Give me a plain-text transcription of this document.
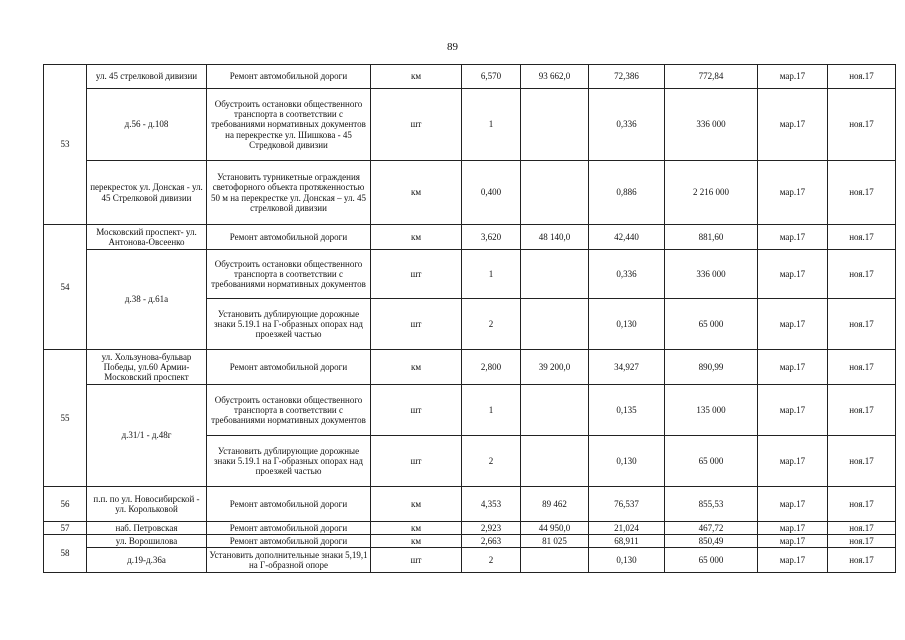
89
53	ул. 45 стрелковой дивизии	Ремонт автомобильной дороги	км	6,570	93 662,0	72,386	772,84	мар.17	ноя.17
	д.56 - д.108	Обустроить остановки общественного транспорта в соответствии с требованиями нормативных документов на перекрестке ул. Шишкова - 45 Стредковой дивизии	шт	1		0,336	336 000	мар.17	ноя.17
	перекресток ул. Донская - ул. 45 Стрелковой дивизии	Установить турникетные ограждения светофорного объекта протяженностью 50 м на перекрестке ул. Донская – ул. 45 стрелковой дивизии	км	0,400		0,886	2 216 000	мар.17	ноя.17
54	Московский проспект- ул. Антонова-Овсеенко	Ремонт автомобильной дороги	км	3,620	48 140,0	42,440	881,60	мар.17	ноя.17
	д.38 - д.61а	Обустроить остановки общественного транспорта в соответствии с требованиями нормативных документов	шт	1		0,336	336 000	мар.17	ноя.17
		Установить дублирующие дорожные знаки 5.19.1 на Г-образных опорах над проезжей частью	шт	2		0,130	65 000	мар.17	ноя.17
55	ул. Хользунова-бульвар Победы, ул.60 Армии-Московский проспект	Ремонт автомобильной дороги	км	2,800	39 200,0	34,927	890,99	мар.17	ноя.17
	д.31/1 - д.48г	Обустроить остановки общественного транспорта в соответствии с требованиями нормативных документов	шт	1		0,135	135 000	мар.17	ноя.17
		Установить дублирующие дорожные знаки 5.19.1 на Г-образных опорах над проезжей частью	шт	2		0,130	65 000	мар.17	ноя.17
56	п.п. по ул. Новосибирской - ул. Корольковой	Ремонт автомобильной дороги	км	4,353	89 462	76,537	855,53	мар.17	ноя.17
57	наб. Петровская	Ремонт автомобильной дороги	км	2,923	44 950,0	21,024	467,72	мар.17	ноя.17
58	ул. Ворошилова	Ремонт автомобильной дороги	км	2,663	81 025	68,911	850,49	мар.17	ноя.17
	д.19-д.36а	Установить дополнительные знаки 5,19,1 на Г-образной опоре	шт	2		0,130	65 000	мар.17	ноя.17
